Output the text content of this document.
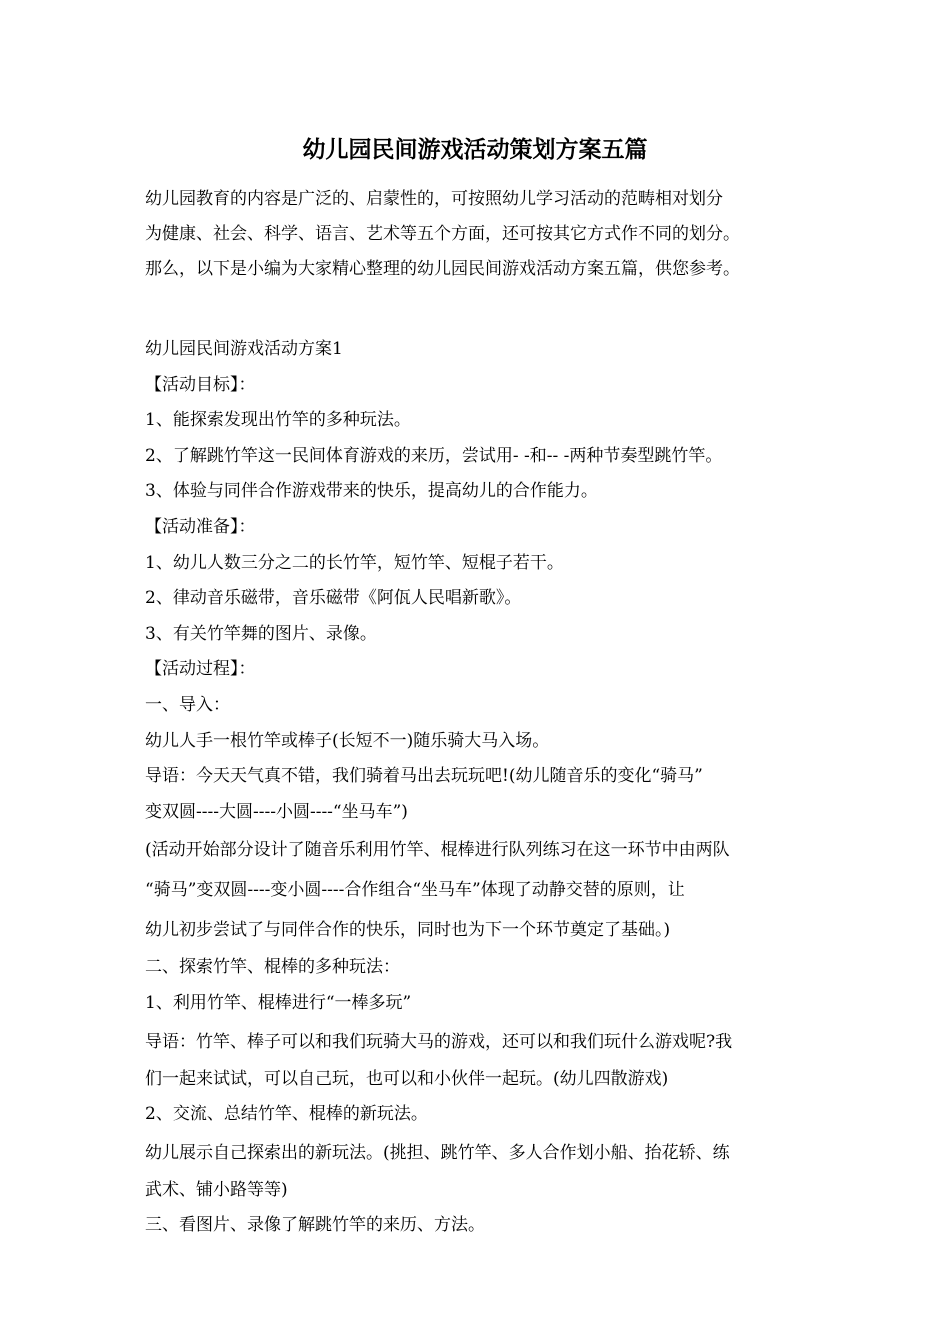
幼儿园民间游戏活动策划方案五篇

幼儿园教育的内容是广泛的、启蒙性的，可按照幼儿学习活动的范畴相对划分

为健康、社会、科学、语言、艺术等五个方面，还可按其它方式作不同的划分。

那么，以下是小编为大家精心整理的幼儿园民间游戏活动方案五篇，供您参考。

幼儿园民间游戏活动方案1

【活动目标】：

1、能探索发现出竹竿的多种玩法。

2、了解跳竹竿这一民间体育游戏的来历，尝试用- -和-- -两种节奏型跳竹竿。

3、体验与同伴合作游戏带来的快乐，提高幼儿的合作能力。

【活动准备】：

1、幼儿人数三分之二的长竹竿，短竹竿、短棍子若干。

2、律动音乐磁带，音乐磁带《阿佤人民唱新歌》。

3、有关竹竿舞的图片、录像。

【活动过程】：

一、导入：

幼儿人手一根竹竿或棒子(长短不一)随乐骑大马入场。

导语：今天天气真不错，我们骑着马出去玩玩吧!(幼儿随音乐的变化“骑马”

变双圆----大圆----小圆----“坐马车”)

(活动开始部分设计了随音乐利用竹竿、棍棒进行队列练习在这一环节中由两队

“骑马”变双圆----变小圆----合作组合“坐马车”体现了动静交替的原则，让

幼儿初步尝试了与同伴合作的快乐，同时也为下一个环节奠定了基础。)

二、探索竹竿、棍棒的多种玩法：

1、利用竹竿、棍棒进行“一棒多玩”

导语：竹竿、棒子可以和我们玩骑大马的游戏，还可以和我们玩什么游戏呢?我

们一起来试试，可以自己玩，也可以和小伙伴一起玩。(幼儿四散游戏)

2、交流、总结竹竿、棍棒的新玩法。

幼儿展示自己探索出的新玩法。(挑担、跳竹竿、多人合作划小船、抬花轿、练

武术、铺小路等等)

三、看图片、录像了解跳竹竿的来历、方法。
